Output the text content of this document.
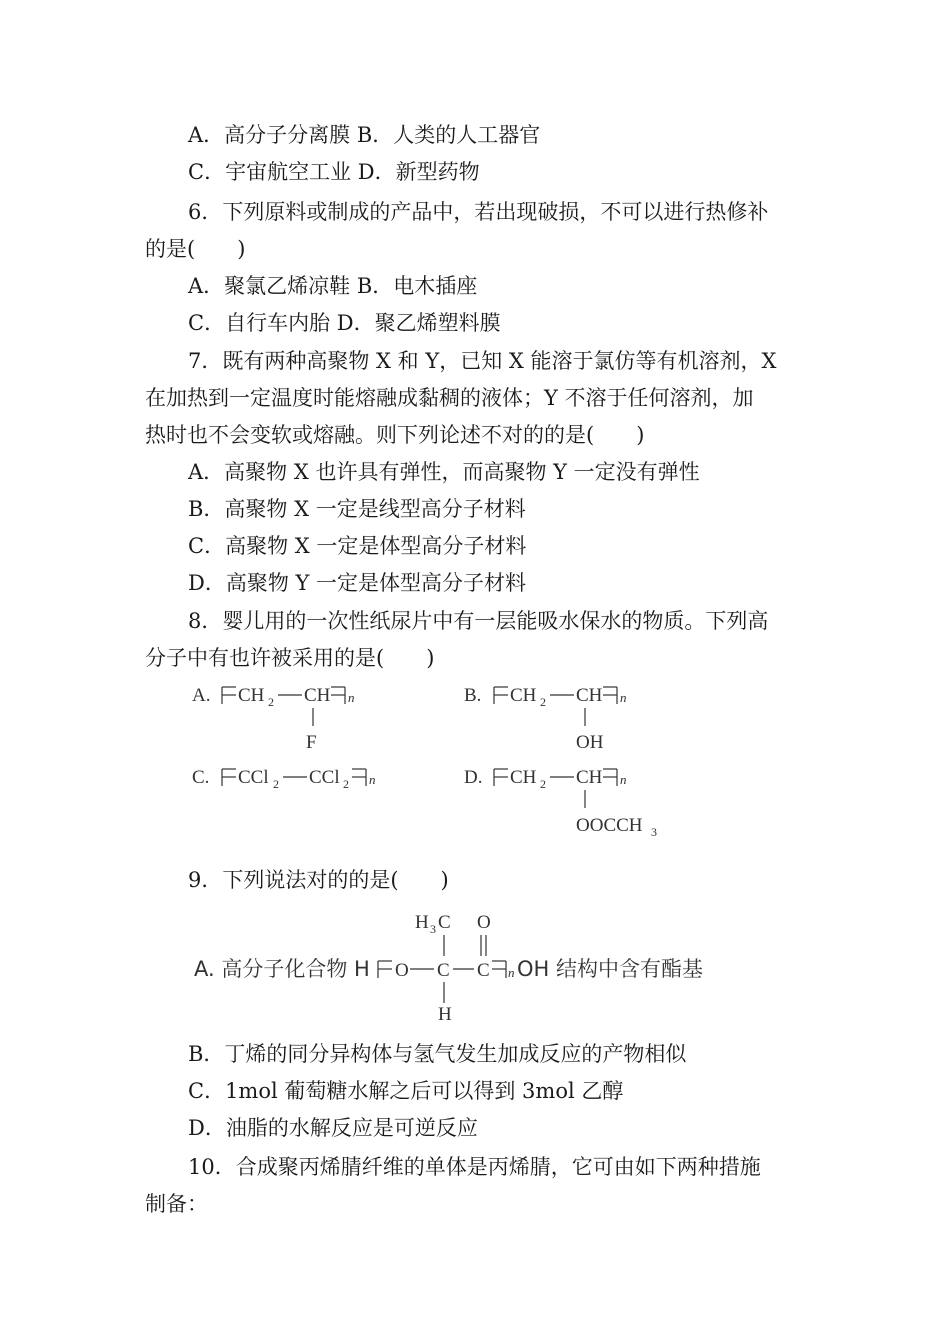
A．高分子分离膜 B．人类的人工器官
C．宇宙航空工业 D．新型药物
6．下列原料或制成的产品中，若出现破损，不可以进行热修补
的是(　　)
A．聚氯乙烯凉鞋 B．电木插座
C．自行车内胎 D．聚乙烯塑料膜
7．既有两种高聚物 X 和 Y，已知 X 能溶于氯仿等有机溶剂，X
在加热到一定温度时能熔融成黏稠的液体；Y 不溶于任何溶剂，加
热时也不会变软或熔融。则下列论述不对的的是(　　)
A．高聚物 X 也许具有弹性，而高聚物 Y 一定没有弹性
B．高聚物 X 一定是线型高分子材料
C．高聚物 X 一定是体型高分子材料
D．高聚物 Y 一定是体型高分子材料
8．婴儿用的一次性纸尿片中有一层能吸水保水的物质。下列高
分子中有也许被采用的是(　　)
A. CH 2 CH n
F
B. CH 2 CH n
OH
C. CCl 2 CCl 2 n	D. CH 2 CH n
OOCCH 3
9．下列说法对的的是(　　)
A. 高分子化合物 H O C C n OH 结构中含有酯基
H 3 C O
H
B．丁烯的同分异构体与氢气发生加成反应的产物相似
C．1mol 葡萄糖水解之后可以得到 3mol 乙醇
D．油脂的水解反应是可逆反应
10．合成聚丙烯腈纤维的单体是丙烯腈，它可由如下两种措施
制备：
